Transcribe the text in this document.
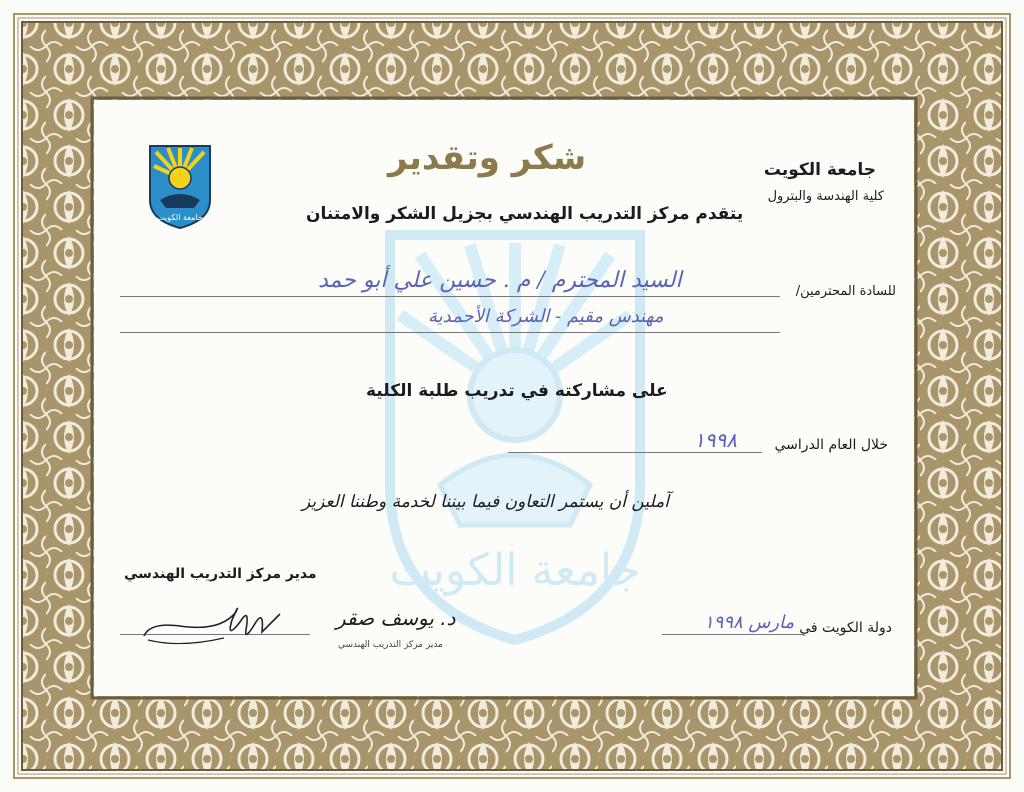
جامعة الكويت
جامعة الكويت
شكر وتقدير	جامعة الكويت
كلية الهندسة والبترول
يتقدم مركز التدريب الهندسي بجزيل الشكر والامتنان
للسادة المحترمين/
السيد المحترم / م . حسين علي أبو حمد
مهندس مقيم - الشركة الأحمدية
على مشاركته في تدريب طلبة الكلية
خلال العام الدراسي
١٩٩٨
آملين أن يستمر التعاون فيما بيننا لخدمة وطننا العزيز
مدير مركز التدريب الهندسي
د. يوسف صقر
مدير مركز التدريب الهندسي
دولة الكويت في
مارس ١٩٩٨
